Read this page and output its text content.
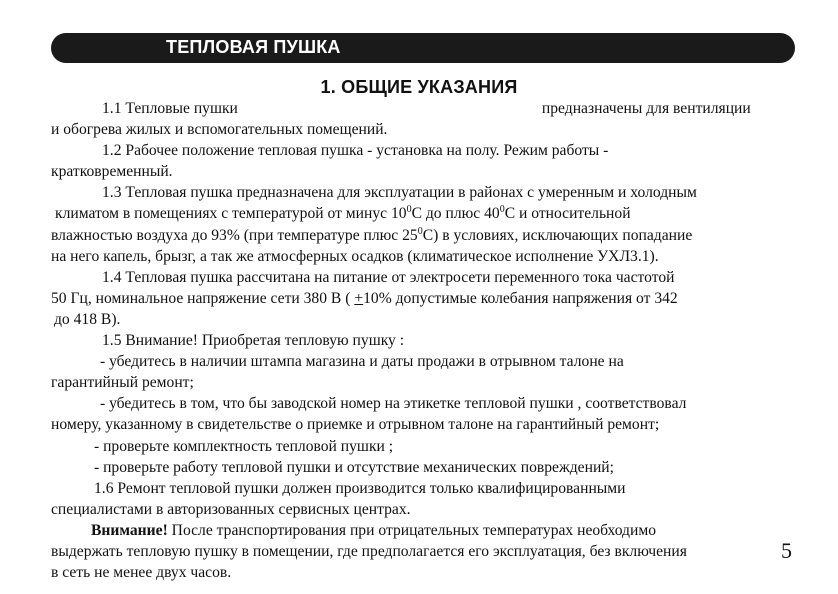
ТЕПЛОВАЯ ПУШКА
1. ОБЩИЕ УКАЗАНИЯ
1.1 Тепловые пушки	предназначены для вентиляции
и обогрева жилых и вспомогательных помещений.
1.2 Рабочее положение тепловая пушка - установка на полу. Режим работы -
кратковременный.
1.3 Тепловая пушка предназначена для эксплуатации в районах с умеренным и холодным
климатом в помещениях с температурой от минус $10^0С$ до плюс $40^0С$ и относительной
влажностью воздуха до 93% (при температуре плюс $25^0С$) в условиях, исключающих попадание
на него капель, брызг, а так же атмосферных осадков (климатическое исполнение УХЛ3.1).
1.4 Тепловая пушка рассчитана на питание от электросети переменного тока частотой
50 Гц, номинальное напряжение сети 380 В ( +10% допустимые колебания напряжения от 342
до 418 В).
1.5 Внимание! Приобретая тепловую пушку :
- убедитесь в наличии штампа магазина и даты продажи в отрывном талоне на
гарантийный ремонт;
- убедитесь в том, что бы заводской номер на этикетке тепловой пушки , соответствовал
номеру, указанному в свидетельстве о приемке и отрывном талоне на гарантийный ремонт;
- проверьте комплектность тепловой пушки ;
- проверьте работу тепловой пушки и отсутствие механических повреждений;
1.6 Ремонт тепловой пушки должен производится только квалифицированными
специалистами в авторизованных сервисных центрах.
Внимание! После транспортирования при отрицательных температурах необходимо
выдержать тепловую пушку в помещении, где предполагается его эксплуатация, без включения
в сеть не менее двух часов.
5
